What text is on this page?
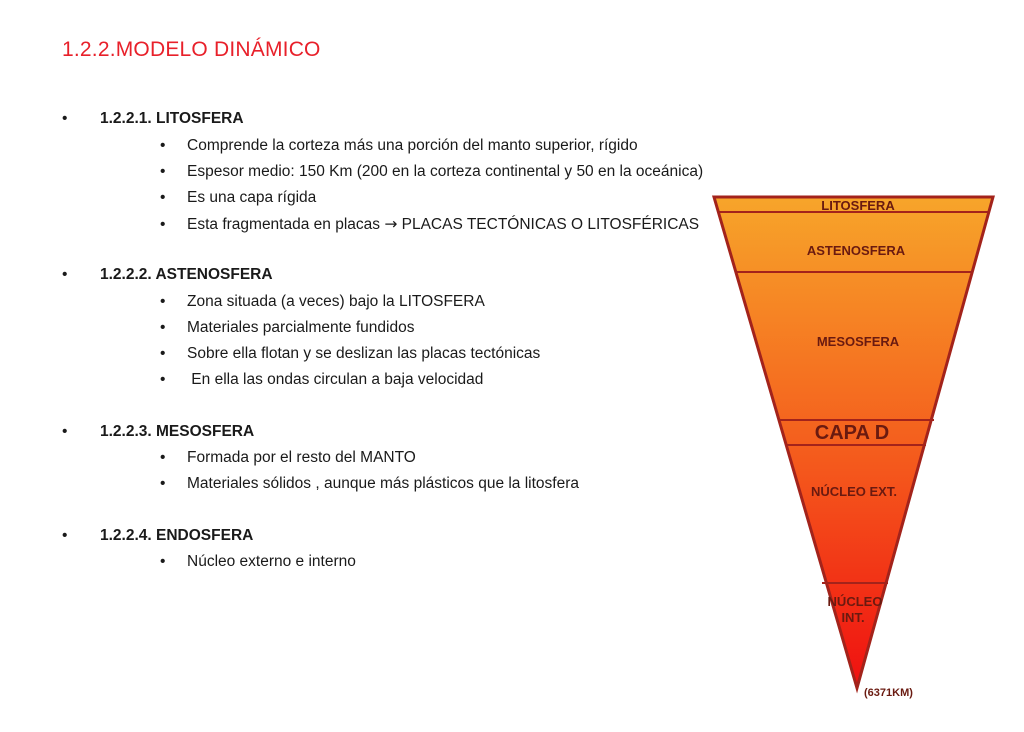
1.2.2.MODELO DINÁMICO
• 1.2.2.1. LITOSFERA
• Comprende la corteza más una porción del manto superior, rígido
• Espesor medio: 150 Km (200 en la corteza continental y 50 en la oceánica)
• Es una capa rígida
• Esta fragmentada en placas → PLACAS TECTÓNICAS O LITOSFÉRICAS
• 1.2.2.2. ASTENOSFERA
• Zona situada (a veces) bajo la LITOSFERA
• Materiales parcialmente fundidos
• Sobre ella flotan y se deslizan las placas tectónicas
• En ella las ondas circulan a baja velocidad
• 1.2.2.3. MESOSFERA
• Formada por el resto del MANTO
• Materiales sólidos , aunque más plásticos que la litosfera
• 1.2.2.4. ENDOSFERA
• Núcleo externo e interno
LITOSFERA
ASTENOSFERA
MESOSFERA
CAPA D
NÚCLEO EXT.
NÚCLEO
INT.
(6371KM)
